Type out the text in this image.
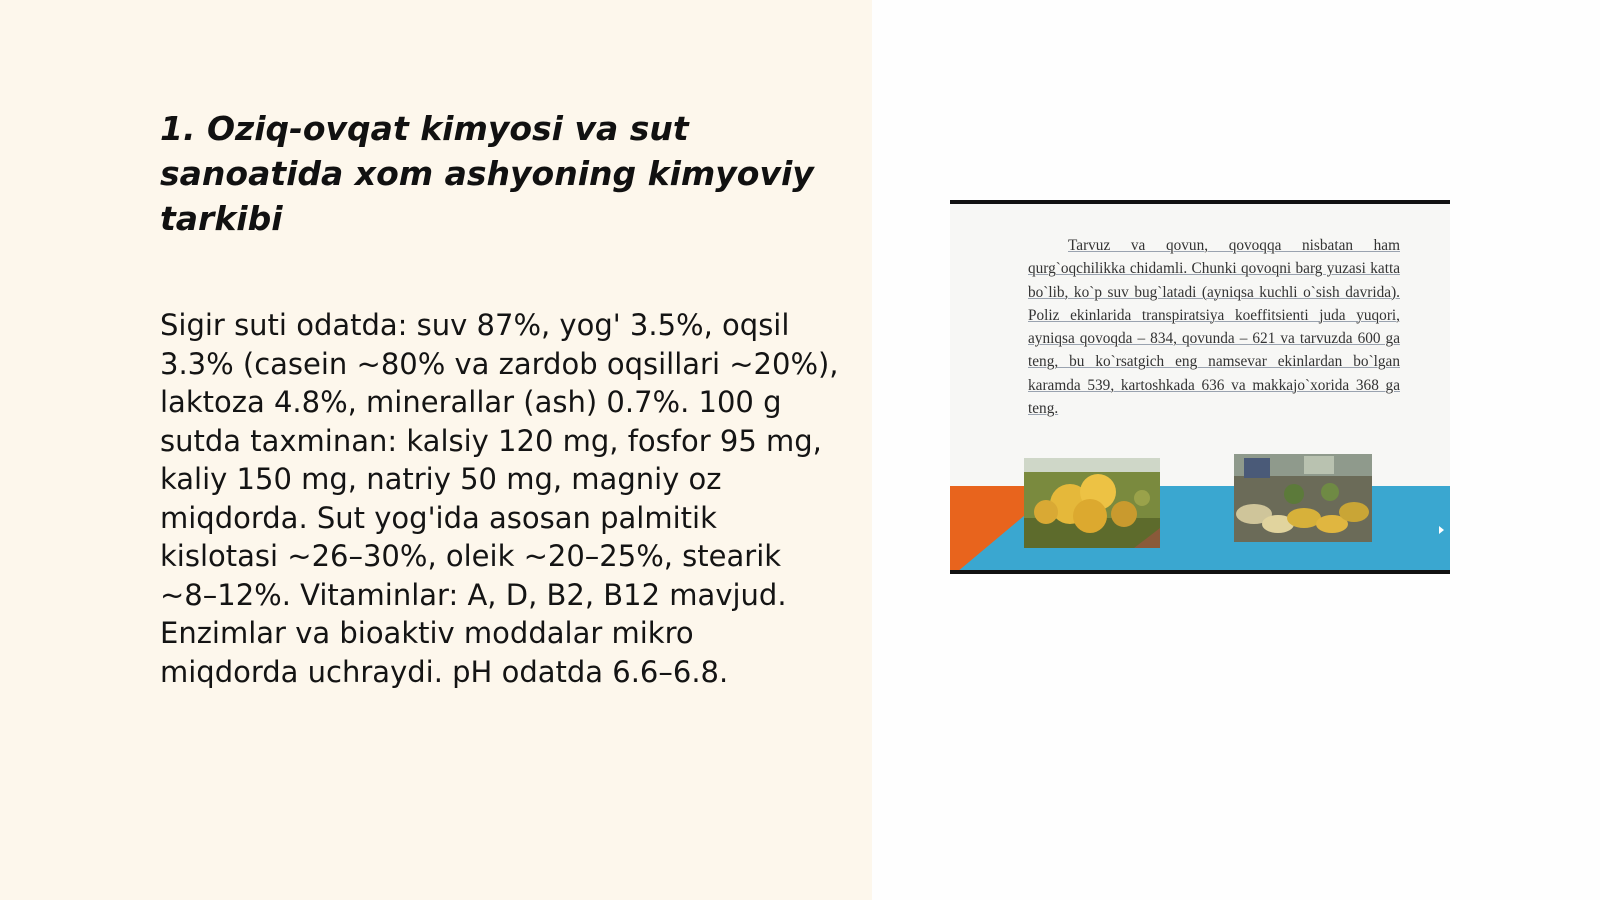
1. Oziq-ovqat kimyosi va sut sanoatida xom ashyoning kimyoviy tarkibi

Sigir suti odatda: suv 87%, yog' 3.5%, oqsil 3.3% (casein ~80% va zardob oqsillari ~20%), laktoza 4.8%, minerallar (ash) 0.7%. 100 g sutda taxminan: kalsiy 120 mg, fosfor 95 mg, kaliy 150 mg, natriy 50 mg, magniy oz miqdorda. Sut yog'ida asosan palmitik kislotasi ~26–30%, oleik ~20–25%, stearik ~8–12%. Vitaminlar: A, D, B2, B12 mavjud. Enzimlar va bioaktiv moddalar mikro miqdorda uchraydi. pH odatda 6.6–6.8.

Tarvuz va qovun, qovoqqa nisbatan ham qurg`oqchilikka chidamli. Chunki qovoqni barg yuzasi katta bo`lib, ko`p suv bug`latadi (ayniqsa kuchli o`sish davrida). Poliz ekinlarida transpiratsiya koeffitsienti juda yuqori, ayniqsa qovoqda – 834, qovunda – 621 va tarvuzda 600 ga teng, bu ko`rsatgich eng namsevar ekinlardan bo`lgan karamda 539, kartoshkada 636 va makkajo`xorida 368 ga teng.
